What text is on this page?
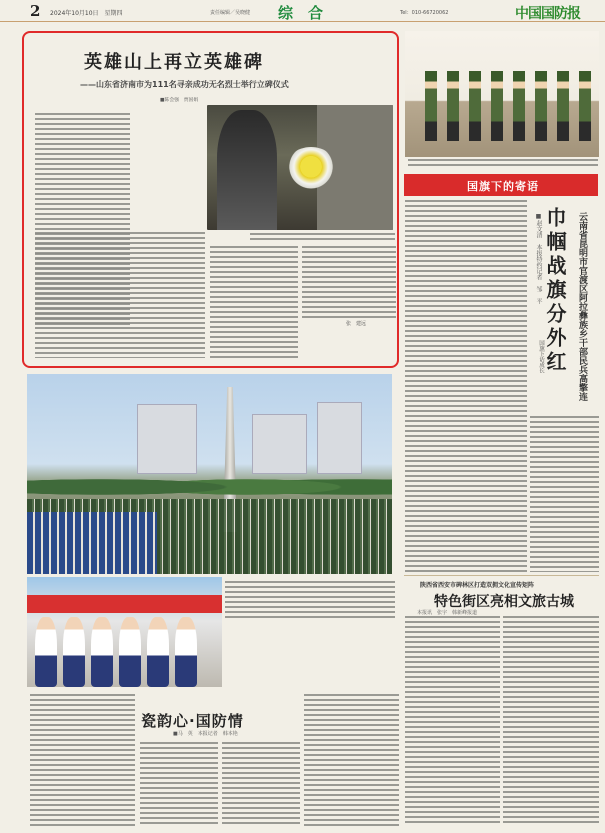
2 2024年10月10日　星期四	责任编辑／吴晓健 综　合	Tel：010-66720062	中国国防报
英雄山上再立英雄碑
——山东省济南市为111名寻亲成功无名烈士举行立碑仪式
■陈会强　贾国娟
张　建远
瓷韵心·国防情
■马　英　本报记者　韩本艳
国旗下的寄语
巾帼战旗分外红	云南省昆明市官渡区阿拉彝族乡干部民兵高擎连
■赵文清　本报特约记者　邹　平
国旗下话成长
陕西省西安市碑林区打造双拥文化宣传矩阵
特色街区亮相文旅古城
本报讯　张宇　韩新峰报道
